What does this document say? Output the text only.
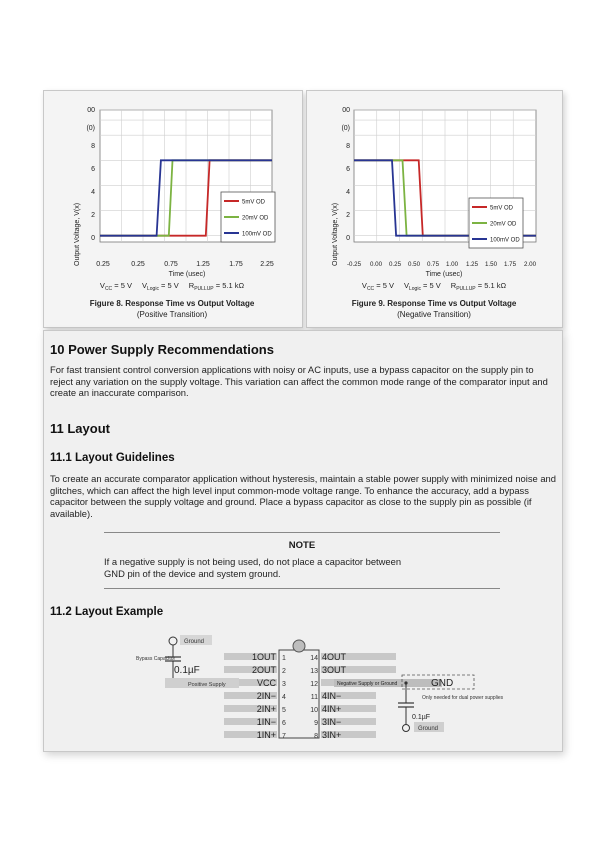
Output Voltage, V(x) 0
2
4
6
8
(0)
00
0.25	0.25	0.75	1.25	1.75 2.25
Time (usec)
$V_{CC} = 5$ V $V_{Logic} = 5$ V $R_{PULLUP} = 5.1$ kΩ
Figure 8. Response Time vs Output Voltage
(Positive Transition)
5mV OD
20mV OD
100mV OD	Output Voltage, V(x) 0
2
4
6
8
(0)
00
-0.25 0.00 0.25 0.50 0.75 1.00 1.25 1.50 1.75 2.00
Time (usec)
$V_{CC} = 5$ V $V_{Logic} = 5$ V $R_{PULLUP} = 5.1$ kΩ
Figure 9. Response Time vs Output Voltage
(Negative Transition)
5mV OD
20mV OD
100mV OD
10 Power Supply Recommendations
For fast transient control conversion applications with noisy or AC inputs, use a bypass capacitor on the supply pin to reject any variation on the supply voltage. This variation can affect the common mode range of the comparator input and create an inaccurate comparison.
11 Layout
11.1 Layout Guidelines
To create an accurate comparator application without hysteresis, maintain a stable power supply with minimized noise and glitches, which can affect the high level input common-mode voltage range. To enhance the accuracy, add a bypass capacitor between the supply voltage and ground. Place a bypass capacitor as close to the supply pin as possible (if available).
NOTE
If a negative supply is not being used, do not place a capacitor between GND pin of the device and system ground.
11.2 Layout Example
Ground
Bypass Capacitor
0.1µF
Positive Supply
1OUT
2OUT
VCC
2IN−
2IN+
1IN−
1IN+
1
2
3
4
5
6
7
14
13
12
11
10
9
8
4OUT
3OUT
4IN−
4IN+
3IN−
3IN+
Negative Supply or Ground	GND
Only needed for dual power supplies
0.1µF
Ground
